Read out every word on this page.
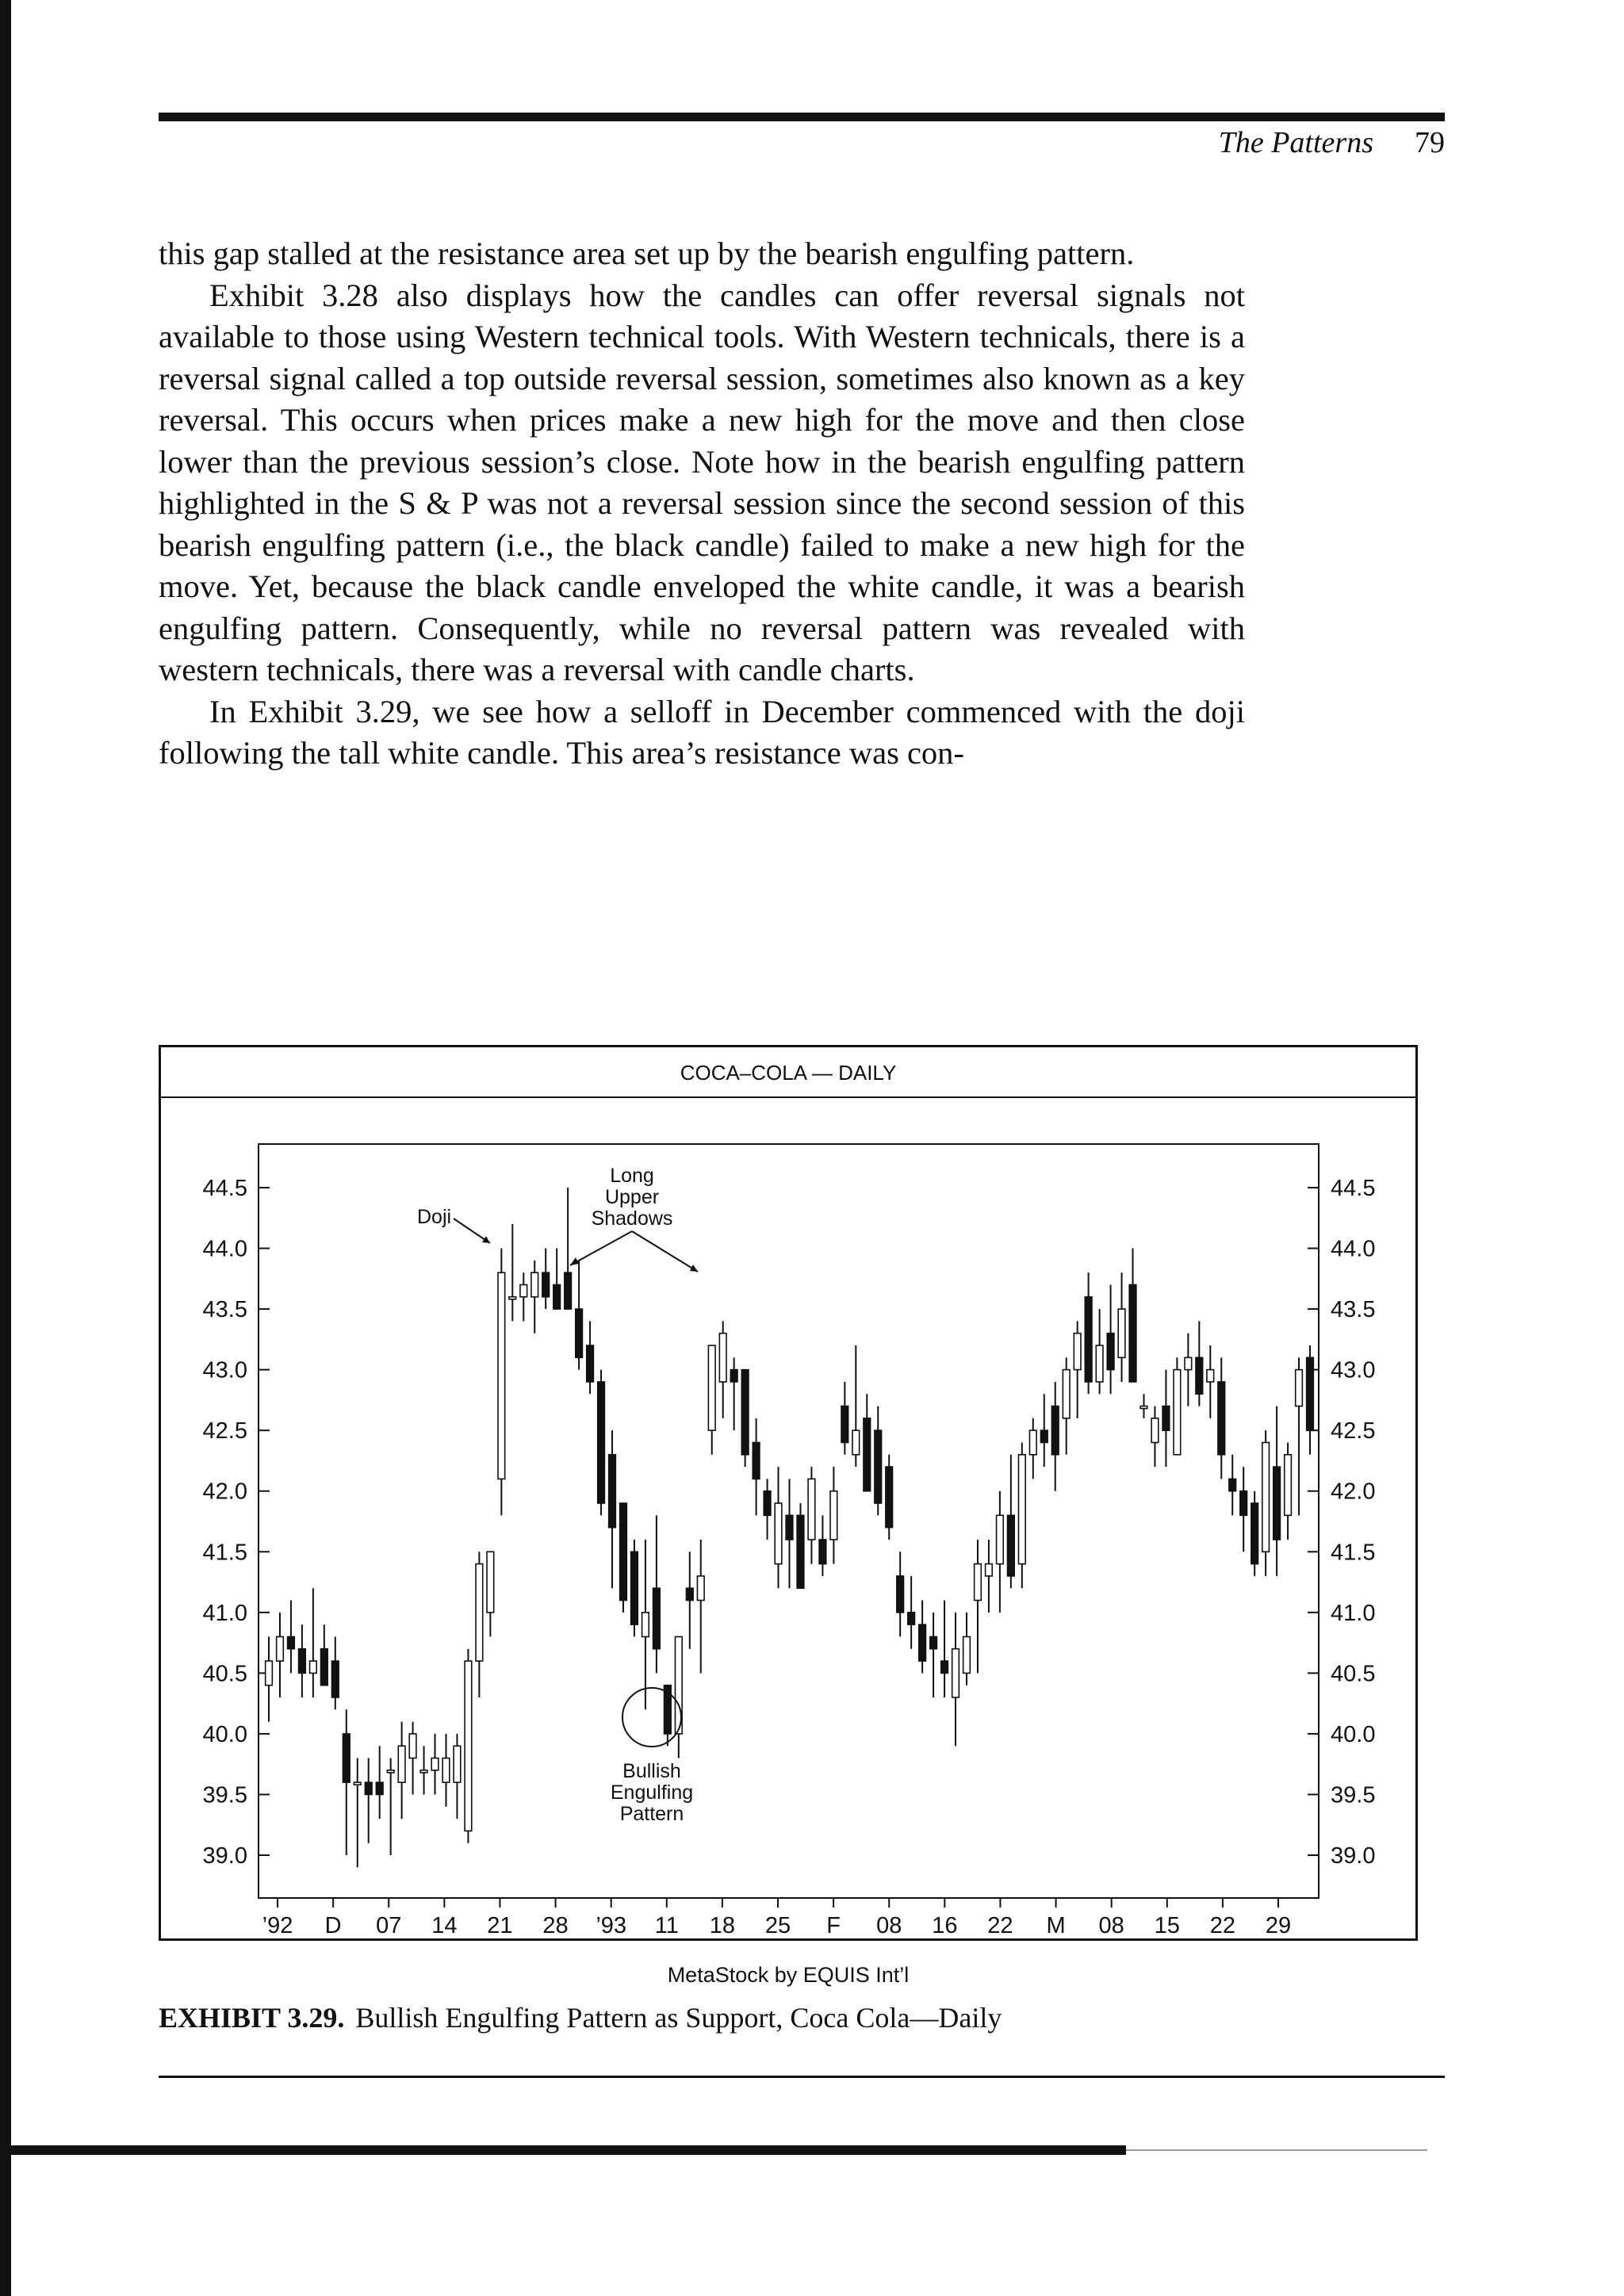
The Patterns 79

this gap stalled at the resistance area set up by the bearish engulfing pattern.

Exhibit 3.28 also displays how the candles can offer reversal signals not available to those using Western technical tools. With Western technicals, there is a reversal signal called a top outside reversal session, sometimes also known as a key reversal. This occurs when prices make a new high for the move and then close lower than the previous session’s close. Note how in the bearish engulfing pattern highlighted in the S & P was not a reversal session since the second session of this bearish engulfing pattern (i.e., the black candle) failed to make a new high for the move. Yet, because the black candle enveloped the white candle, it was a bearish engulfing pattern. Consequently, while no reversal pattern was revealed with western technicals, there was a reversal with candle charts.

In Exhibit 3.29, we see how a selloff in December commenced with the doji following the tall white candle. This area’s resistance was con-

COCA–COLA — DAILY
44.5	44.5
44.0	44.0
43.5	43.5
43.0	43.0
42.5	42.5
42.0	42.0
41.5	41.5
41.0	41.0
40.5	40.5
40.0	40.0
39.5	39.5
39.0	39.0
’92 D 07 14 21 28 ’93 11 18 25 F 08 16 22 M 08 15 22 29
Doji
Long
Upper
Shadows
Bullish
Engulfing
Pattern
MetaStock by EQUIS Int’l
EXHIBIT 3.29. Bullish Engulfing Pattern as Support, Coca Cola—Daily
